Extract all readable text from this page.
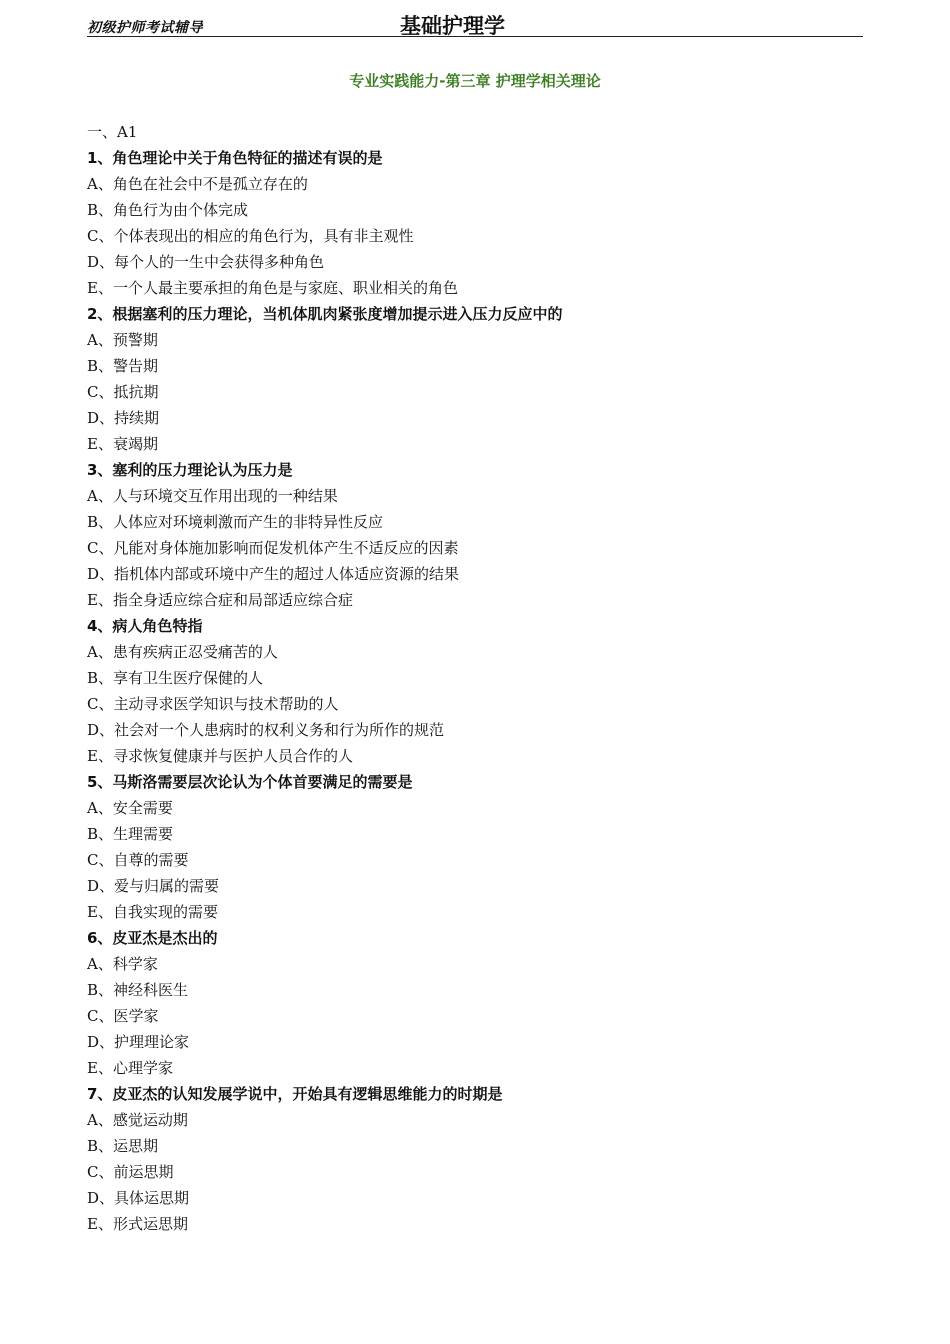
初级护师考试辅导	基础护理学
专业实践能力-第三章 护理学相关理论
一、A1
1、角色理论中关于角色特征的描述有误的是
A、角色在社会中不是孤立存在的
B、角色行为由个体完成
C、个体表现出的相应的角色行为，具有非主观性
D、每个人的一生中会获得多种角色
E、一个人最主要承担的角色是与家庭、职业相关的角色
2、根据塞利的压力理论，当机体肌肉紧张度增加提示进入压力反应中的
A、预警期
B、警告期
C、抵抗期
D、持续期
E、衰竭期
3、塞利的压力理论认为压力是
A、人与环境交互作用出现的一种结果
B、人体应对环境刺激而产生的非特异性反应
C、凡能对身体施加影响而促发机体产生不适反应的因素
D、指机体内部或环境中产生的超过人体适应资源的结果
E、指全身适应综合症和局部适应综合症
4、病人角色特指
A、患有疾病正忍受痛苦的人
B、享有卫生医疗保健的人
C、主动寻求医学知识与技术帮助的人
D、社会对一个人患病时的权利义务和行为所作的规范
E、寻求恢复健康并与医护人员合作的人
5、马斯洛需要层次论认为个体首要满足的需要是
A、安全需要
B、生理需要
C、自尊的需要
D、爱与归属的需要
E、自我实现的需要
6、皮亚杰是杰出的
A、科学家
B、神经科医生
C、医学家
D、护理理论家
E、心理学家
7、皮亚杰的认知发展学说中，开始具有逻辑思维能力的时期是
A、感觉运动期
B、运思期
C、前运思期
D、具体运思期
E、形式运思期
